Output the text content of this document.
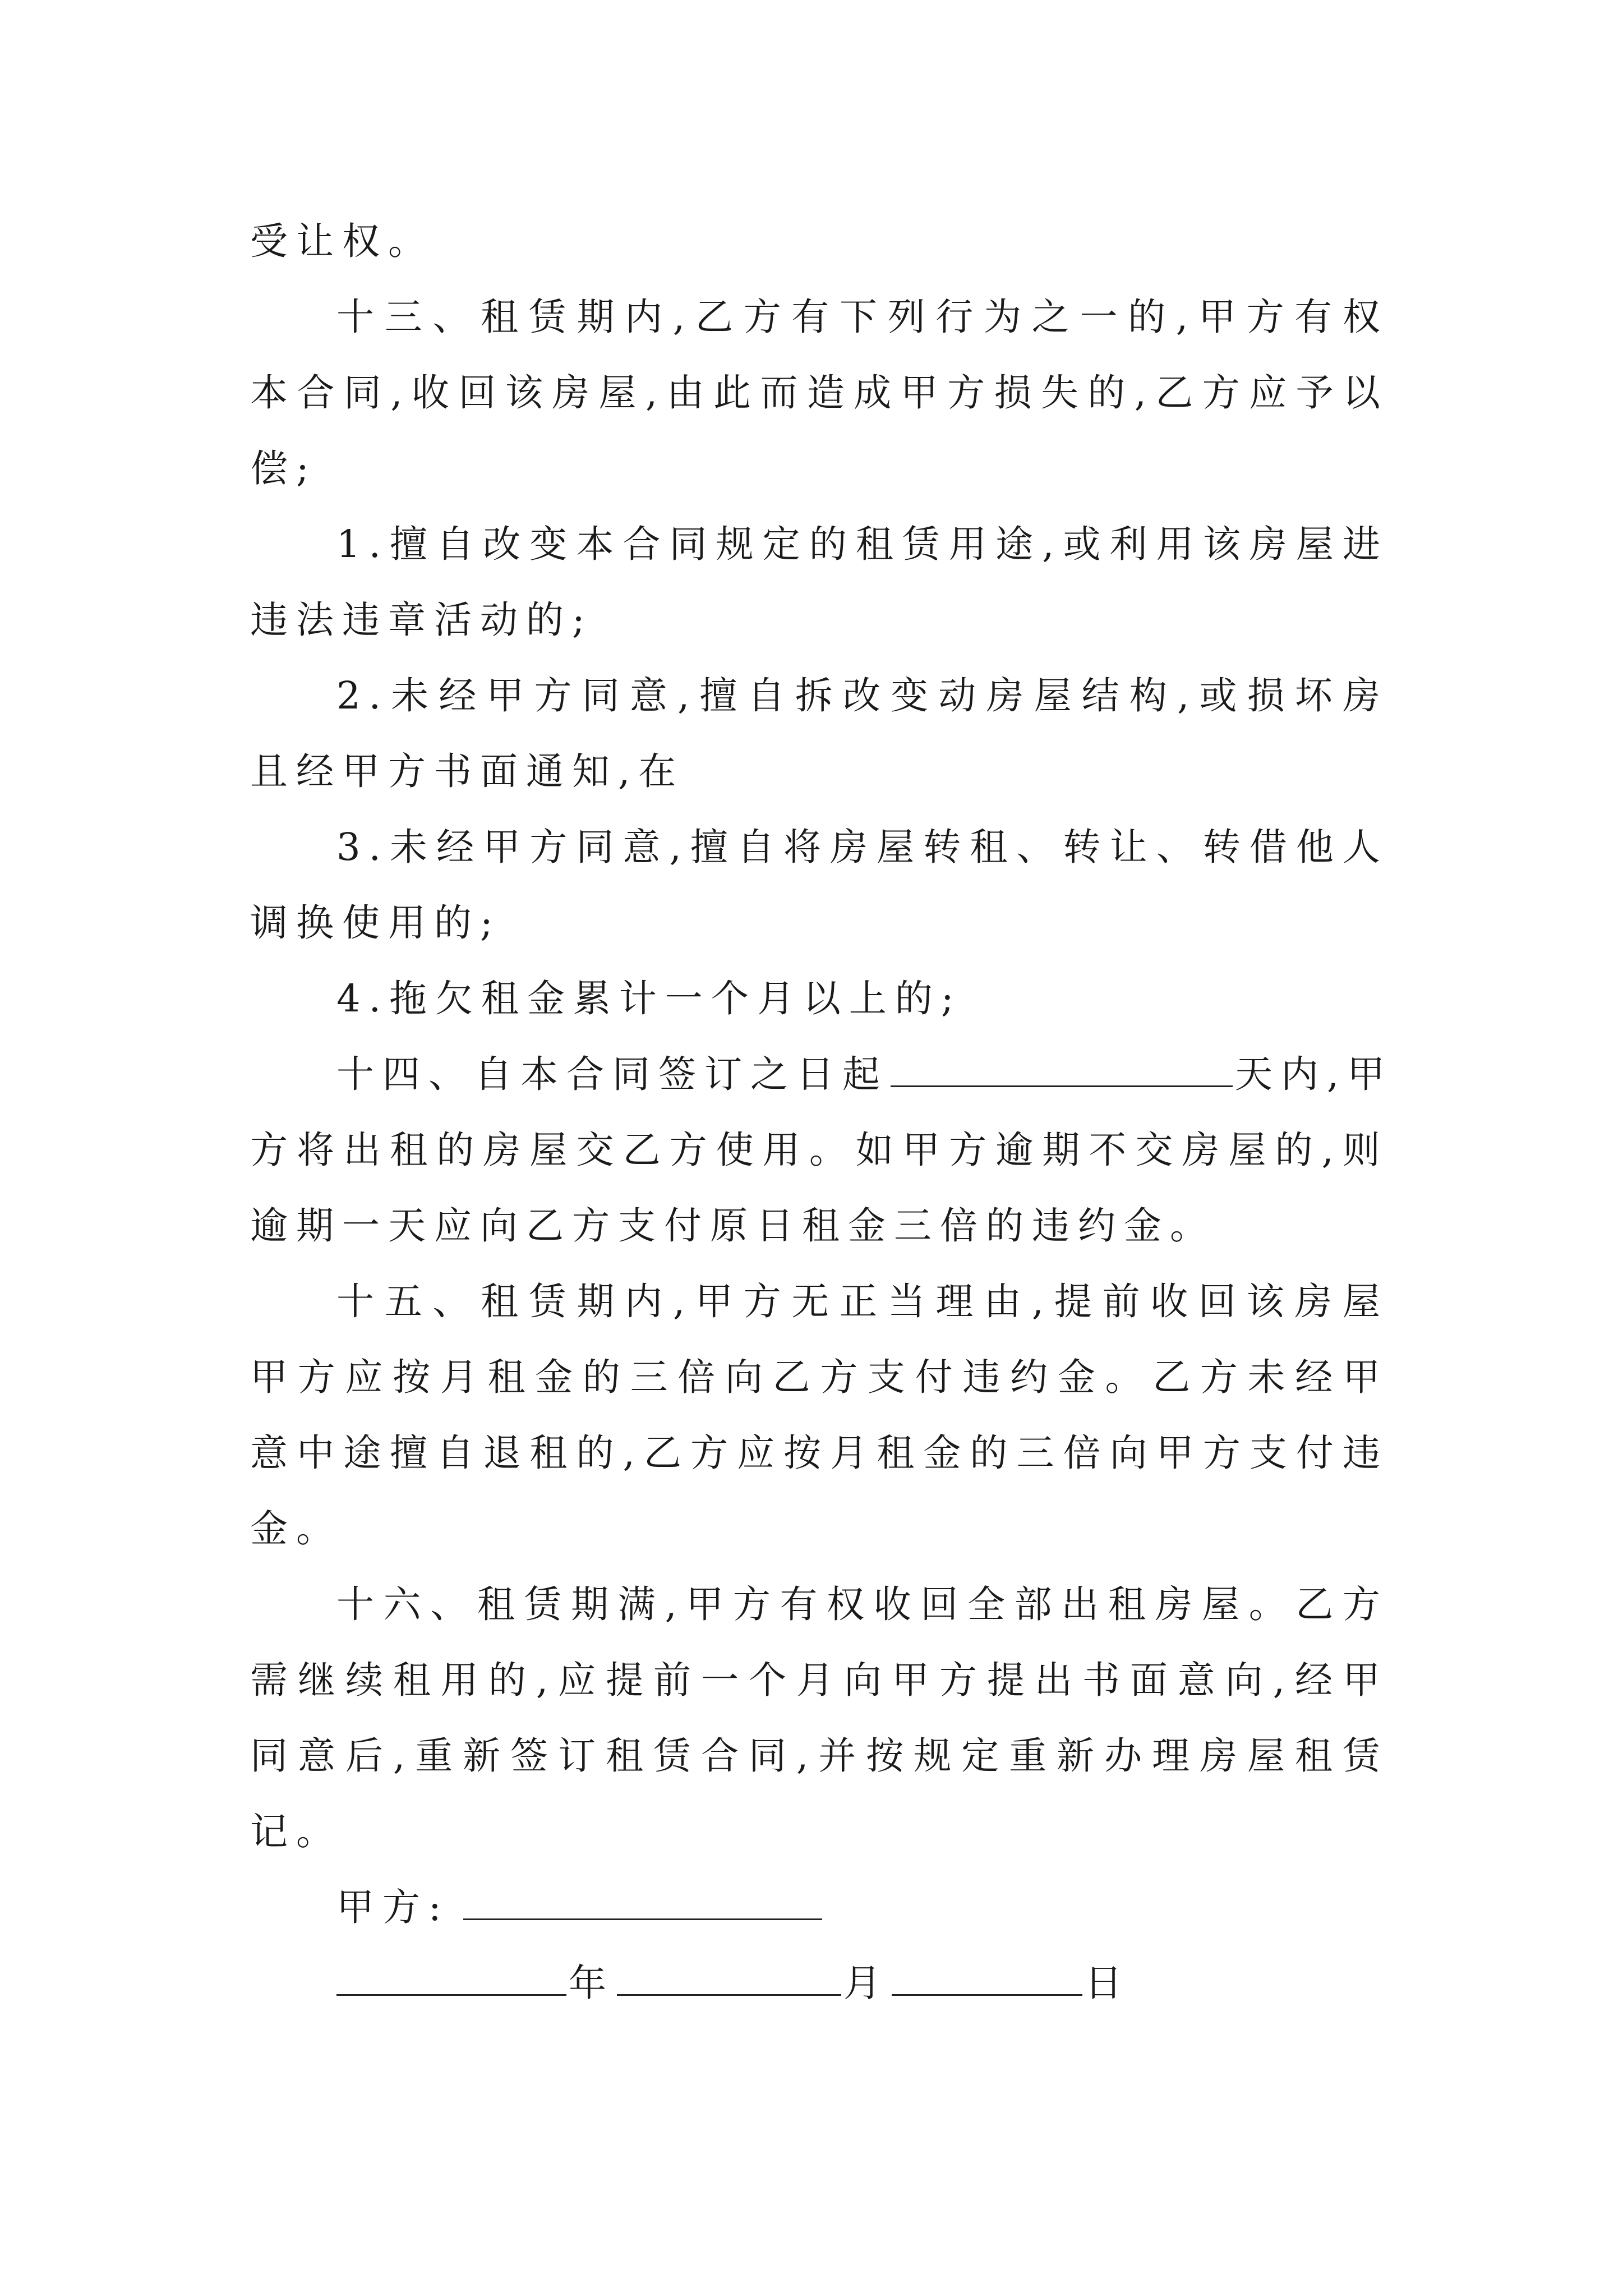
受让权。
十三、租赁期内,乙方有下列行为之一的,甲方有权
本合同,收回该房屋,由此而造成甲方损失的,乙方应予以
偿;
1.擅自改变本合同规定的租赁用途,或利用该房屋进
违法违章活动的;
2.未经甲方同意,擅自拆改变动房屋结构,或损坏房
且经甲方书面通知,在
3.未经甲方同意,擅自将房屋转租、转让、转借他人
调换使用的;
4.拖欠租金累计一个月以上的;
十四、自本合同签订之日起	天内,甲
方将出租的房屋交乙方使用。如甲方逾期不交房屋的,则
逾期一天应向乙方支付原日租金三倍的违约金。
十五、租赁期内,甲方无正当理由,提前收回该房屋
甲方应按月租金的三倍向乙方支付违约金。乙方未经甲
意中途擅自退租的,乙方应按月租金的三倍向甲方支付违
金。
十六、租赁期满,甲方有权收回全部出租房屋。乙方
需继续租用的,应提前一个月向甲方提出书面意向,经甲
同意后,重新签订租赁合同,并按规定重新办理房屋租赁
记。
甲方:
年	月	日
